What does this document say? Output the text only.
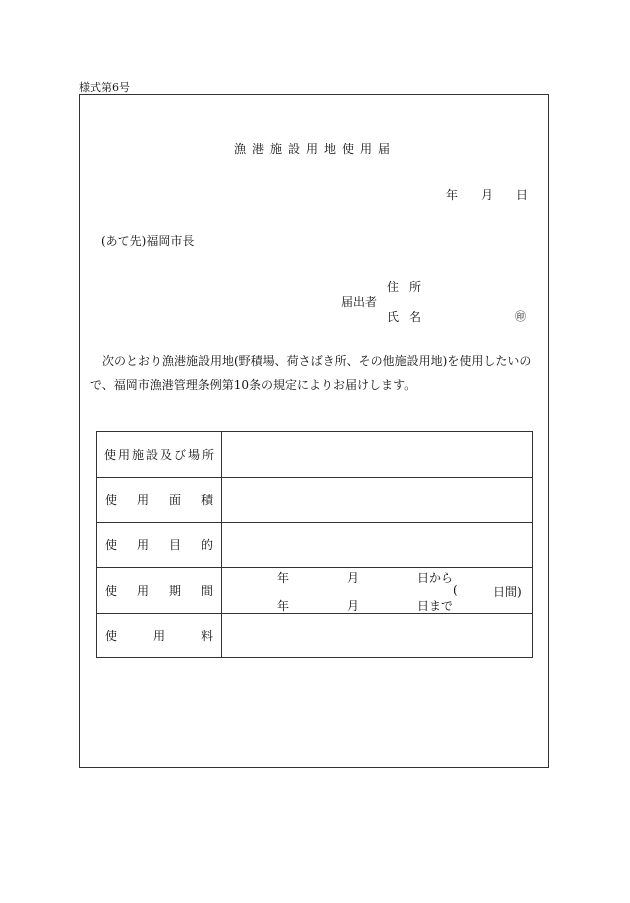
様式第6号
漁港施設用地使用届
年 月 日
(あて先)福岡市長
住 所
届出者
氏 名	㊞

次のとおり漁港施設用地(野積場、荷さばき所、その他施設用地)を使用したいの

で、福岡市漁港管理条例第10条の規定によりお届けします。

使用施設及び場所
使 用 面 積
使 用 目 的
使 用 期 間
年	月	日から
(	日間)
年	月	日まで
使	用	料
